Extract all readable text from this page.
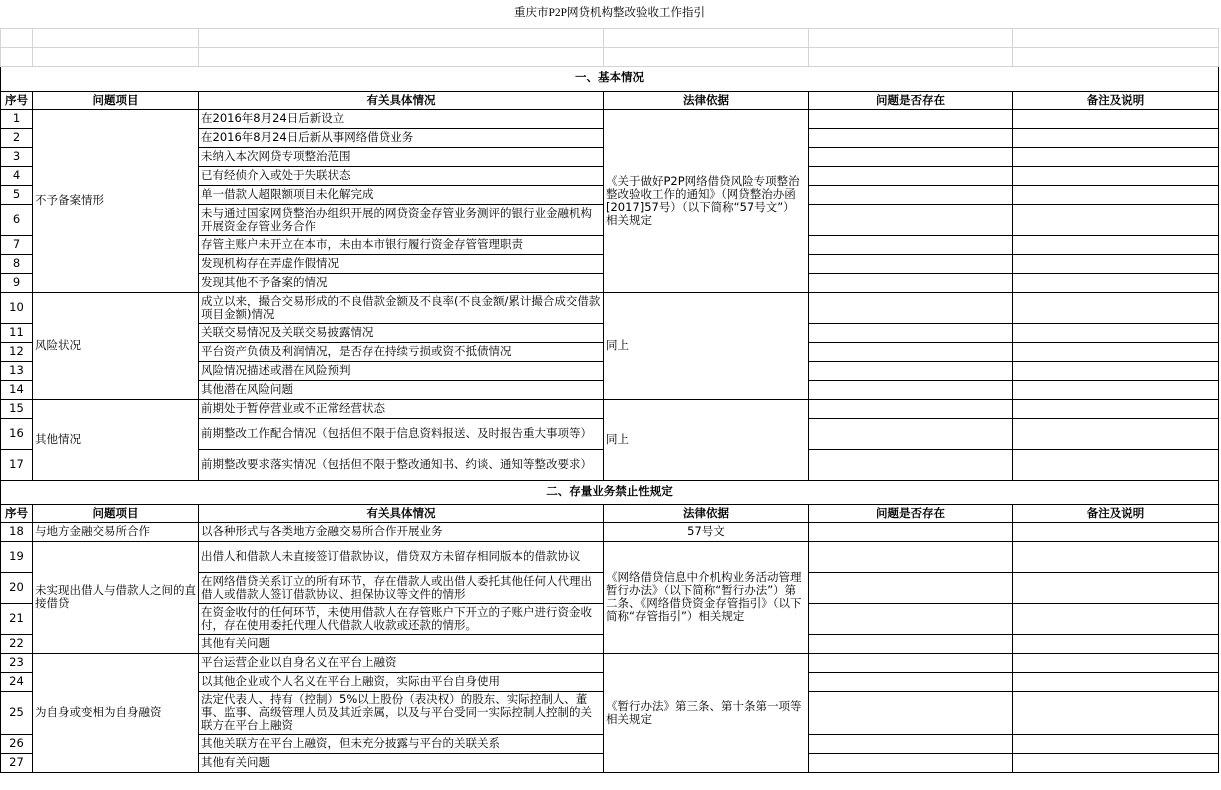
重庆市P2P网贷机构整改验收工作指引					

一、基本情况					
序号	问题项目	有关具体情况	法律依据	问题是否存在	备注及说明
1	不予备案情形	在2016年8月24日后新设立	《关于做好P2P网络借贷风险专项整治整改验收工作的通知》（网贷整治办函[2017]57号）（以下简称“57号文”）相关规定		
2		在2016年8月24日后新从事网络借贷业务			
3		未纳入本次网贷专项整治范围			
4		已有经侦介入或处于失联状态			
5		单一借款人超限额项目未化解完成			
6		未与通过国家网贷整治办组织开展的网贷资金存管业务测评的银行业金融机构开展资金存管业务合作			
7		存管主账户未开立在本市，未由本市银行履行资金存管管理职责			
8		发现机构存在弄虚作假情况			
9		发现其他不予备案的情况			
10	风险状况	成立以来，撮合交易形成的不良借款金额及不良率(不良金额/累计撮合成交借款项目金额)情况	同上		
11		关联交易情况及关联交易披露情况			
12		平台资产负债及利润情况，是否存在持续亏损或资不抵债情况			
13		风险情况描述或潜在风险预判			
14		其他潜在风险问题			
15	其他情况	前期处于暂停营业或不正常经营状态	同上		
16		前期整改工作配合情况（包括但不限于信息资料报送、及时报告重大事项等）			
17		前期整改要求落实情况（包括但不限于整改通知书、约谈、通知等整改要求）			
二、存量业务禁止性规定					
序号	问题项目	有关具体情况	法律依据	问题是否存在	备注及说明
18	与地方金融交易所合作	以各种形式与各类地方金融交易所合作开展业务	57号文		
19	未实现出借人与借款人之间的直接借贷	出借人和借款人未直接签订借款协议，借贷双方未留存相同版本的借款协议	《网络借贷信息中介机构业务活动管理暂行办法》（以下简称“暂行办法”）第二条、《网络借贷资金存管指引》（以下简称“存管指引”）相关规定		
20		在网络借贷关系订立的所有环节，存在借款人或出借人委托其他任何人代理出借人或借款人签订借款协议、担保协议等文件的情形			
21		在资金收付的任何环节，未使用借款人在存管账户下开立的子账户进行资金收付，存在使用委托代理人代借款人收款或还款的情形。			
22		其他有关问题			
23	为自身或变相为自身融资	平台运营企业以自身名义在平台上融资	《暂行办法》第三条、第十条第一项等相关规定		
24		以其他企业或个人名义在平台上融资，实际由平台自身使用			
25		法定代表人、持有（控制）5%以上股份（表决权）的股东、实际控制人、董事、监事、高级管理人员及其近亲属，以及与平台受同一实际控制人控制的关联方在平台上融资			
26		其他关联方在平台上融资，但未充分披露与平台的关联关系			
27		其他有关问题			
